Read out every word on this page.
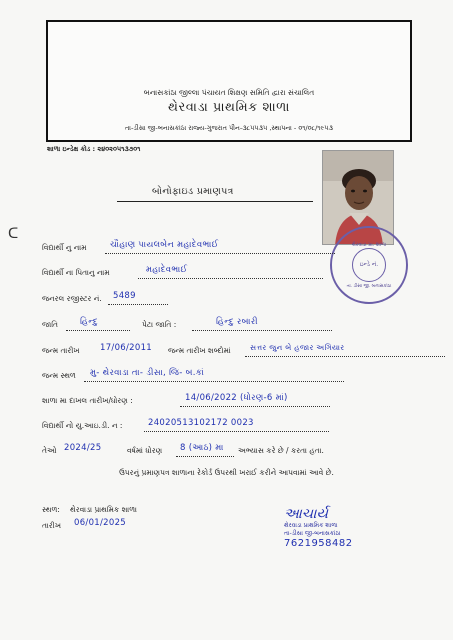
બનાસકાંઠા જીલ્લા પંચાયત શિક્ષણ સમિતિ દ્વારા સંચાલિત
થેરવાડા પ્રાથમિક શાળા
તા-ડીસા જી-બનાસકાંઠા રાજ્ય-ગુજરાત પીન-૩૮૫૫૩૫ ,સ્થાપના - ૦૧/૦૮/૧૯૫૩
શાળા ઇન્ડેક્ષ કોડ : ૨૪૦૨૦૫૧૩૭૦૧
થેરવાડા પ્રા. શાળા
ઇન્ડે નં.
તા. ડીસા જી. બનાસકાંઠા
ᑕ
બોનોફાઇડ પ્રમાણપત્ર
વિદ્યાર્થી નુ નામ	ચૌહાણ પાયલબેન મહાદેવભાઈ
વિદ્યાર્થી ના પિતાનુ નામ	મહાદેવભાઈ
જનરલ રજીસ્ટર નં. 5489
જાતિ	હિન્દુ	પેટા જાતિ :	હિન્દુ રબારી
જન્મ તારીખ 17/06/2011 જન્મ તારીખ શબ્દોમાં	સત્તર જુન બે હજાર અગિયાર
જન્મ સ્થળ મુ- થેરવાડા તા- ડીસા, જિ- બ.કાં
શાળા મા દાખલ તારીખ/ધોરણ :	14/06/2022 (ધોરણ-6 માં)
વિદ્યાર્થી નો યુ.આઇ.ડી. ન :	24020513102172 0023
તેઓ 2024/25	વર્ષમાં ધોરણ 8 (આઠ) મા અભ્યાસ કરે છે / કરતા હતા.
ઉપરનું પ્રમાણપત્ર શાળાના રેકોર્ડ ઉપરથી ખરાઈ કરીને આપવામાં આવે છે.
સ્થળ: થેરવાડા પ્રાથમિક શાળા
તારીખ 06/01/2025
આચાર્ય
થેરવાડા પ્રાથમિક શાળા
તા-ડીસા જી-બનાસકાંઠા
7621958482
